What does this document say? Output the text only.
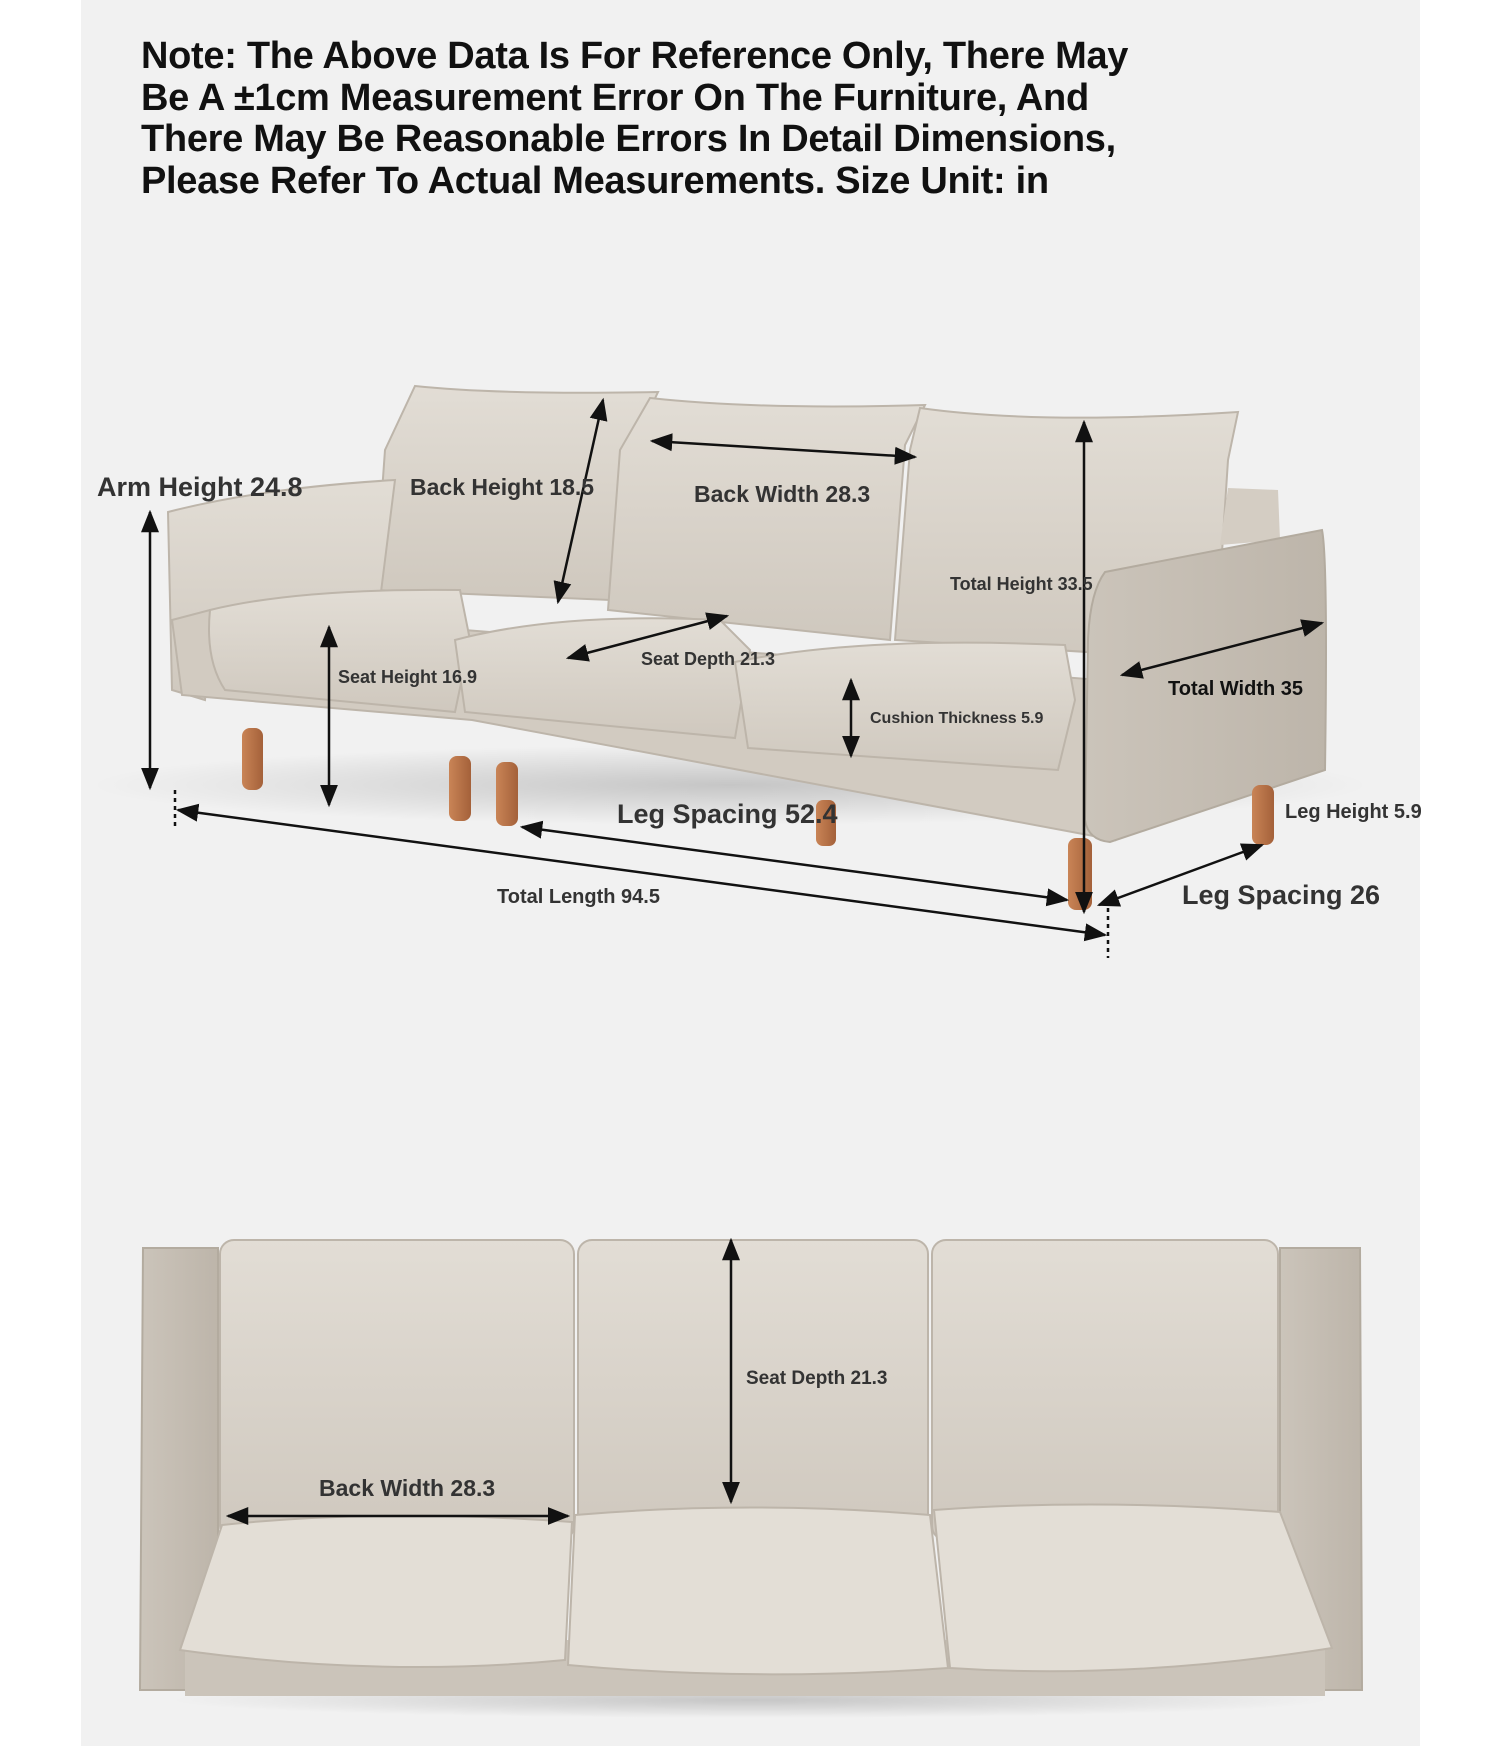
Note: The Above Data Is For Reference Only, There May Be A ±1cm Measurement Error On The Furniture, And There May Be Reasonable Errors In Detail Dimensions, Please Refer To Actual Measurements. Size Unit: in

Arm Height 24.8	Back Height 18.5	Back Width 28.3
Total Height 33.5
Seat Depth 21.3
Seat Height 16.9
Total Width 35
Cushion Thickness 5.9
Leg Height 5.9
Leg Spacing 52.4
Total Length 94.5	Leg Spacing 26
Seat Depth 21.3
Back Width 28.3
